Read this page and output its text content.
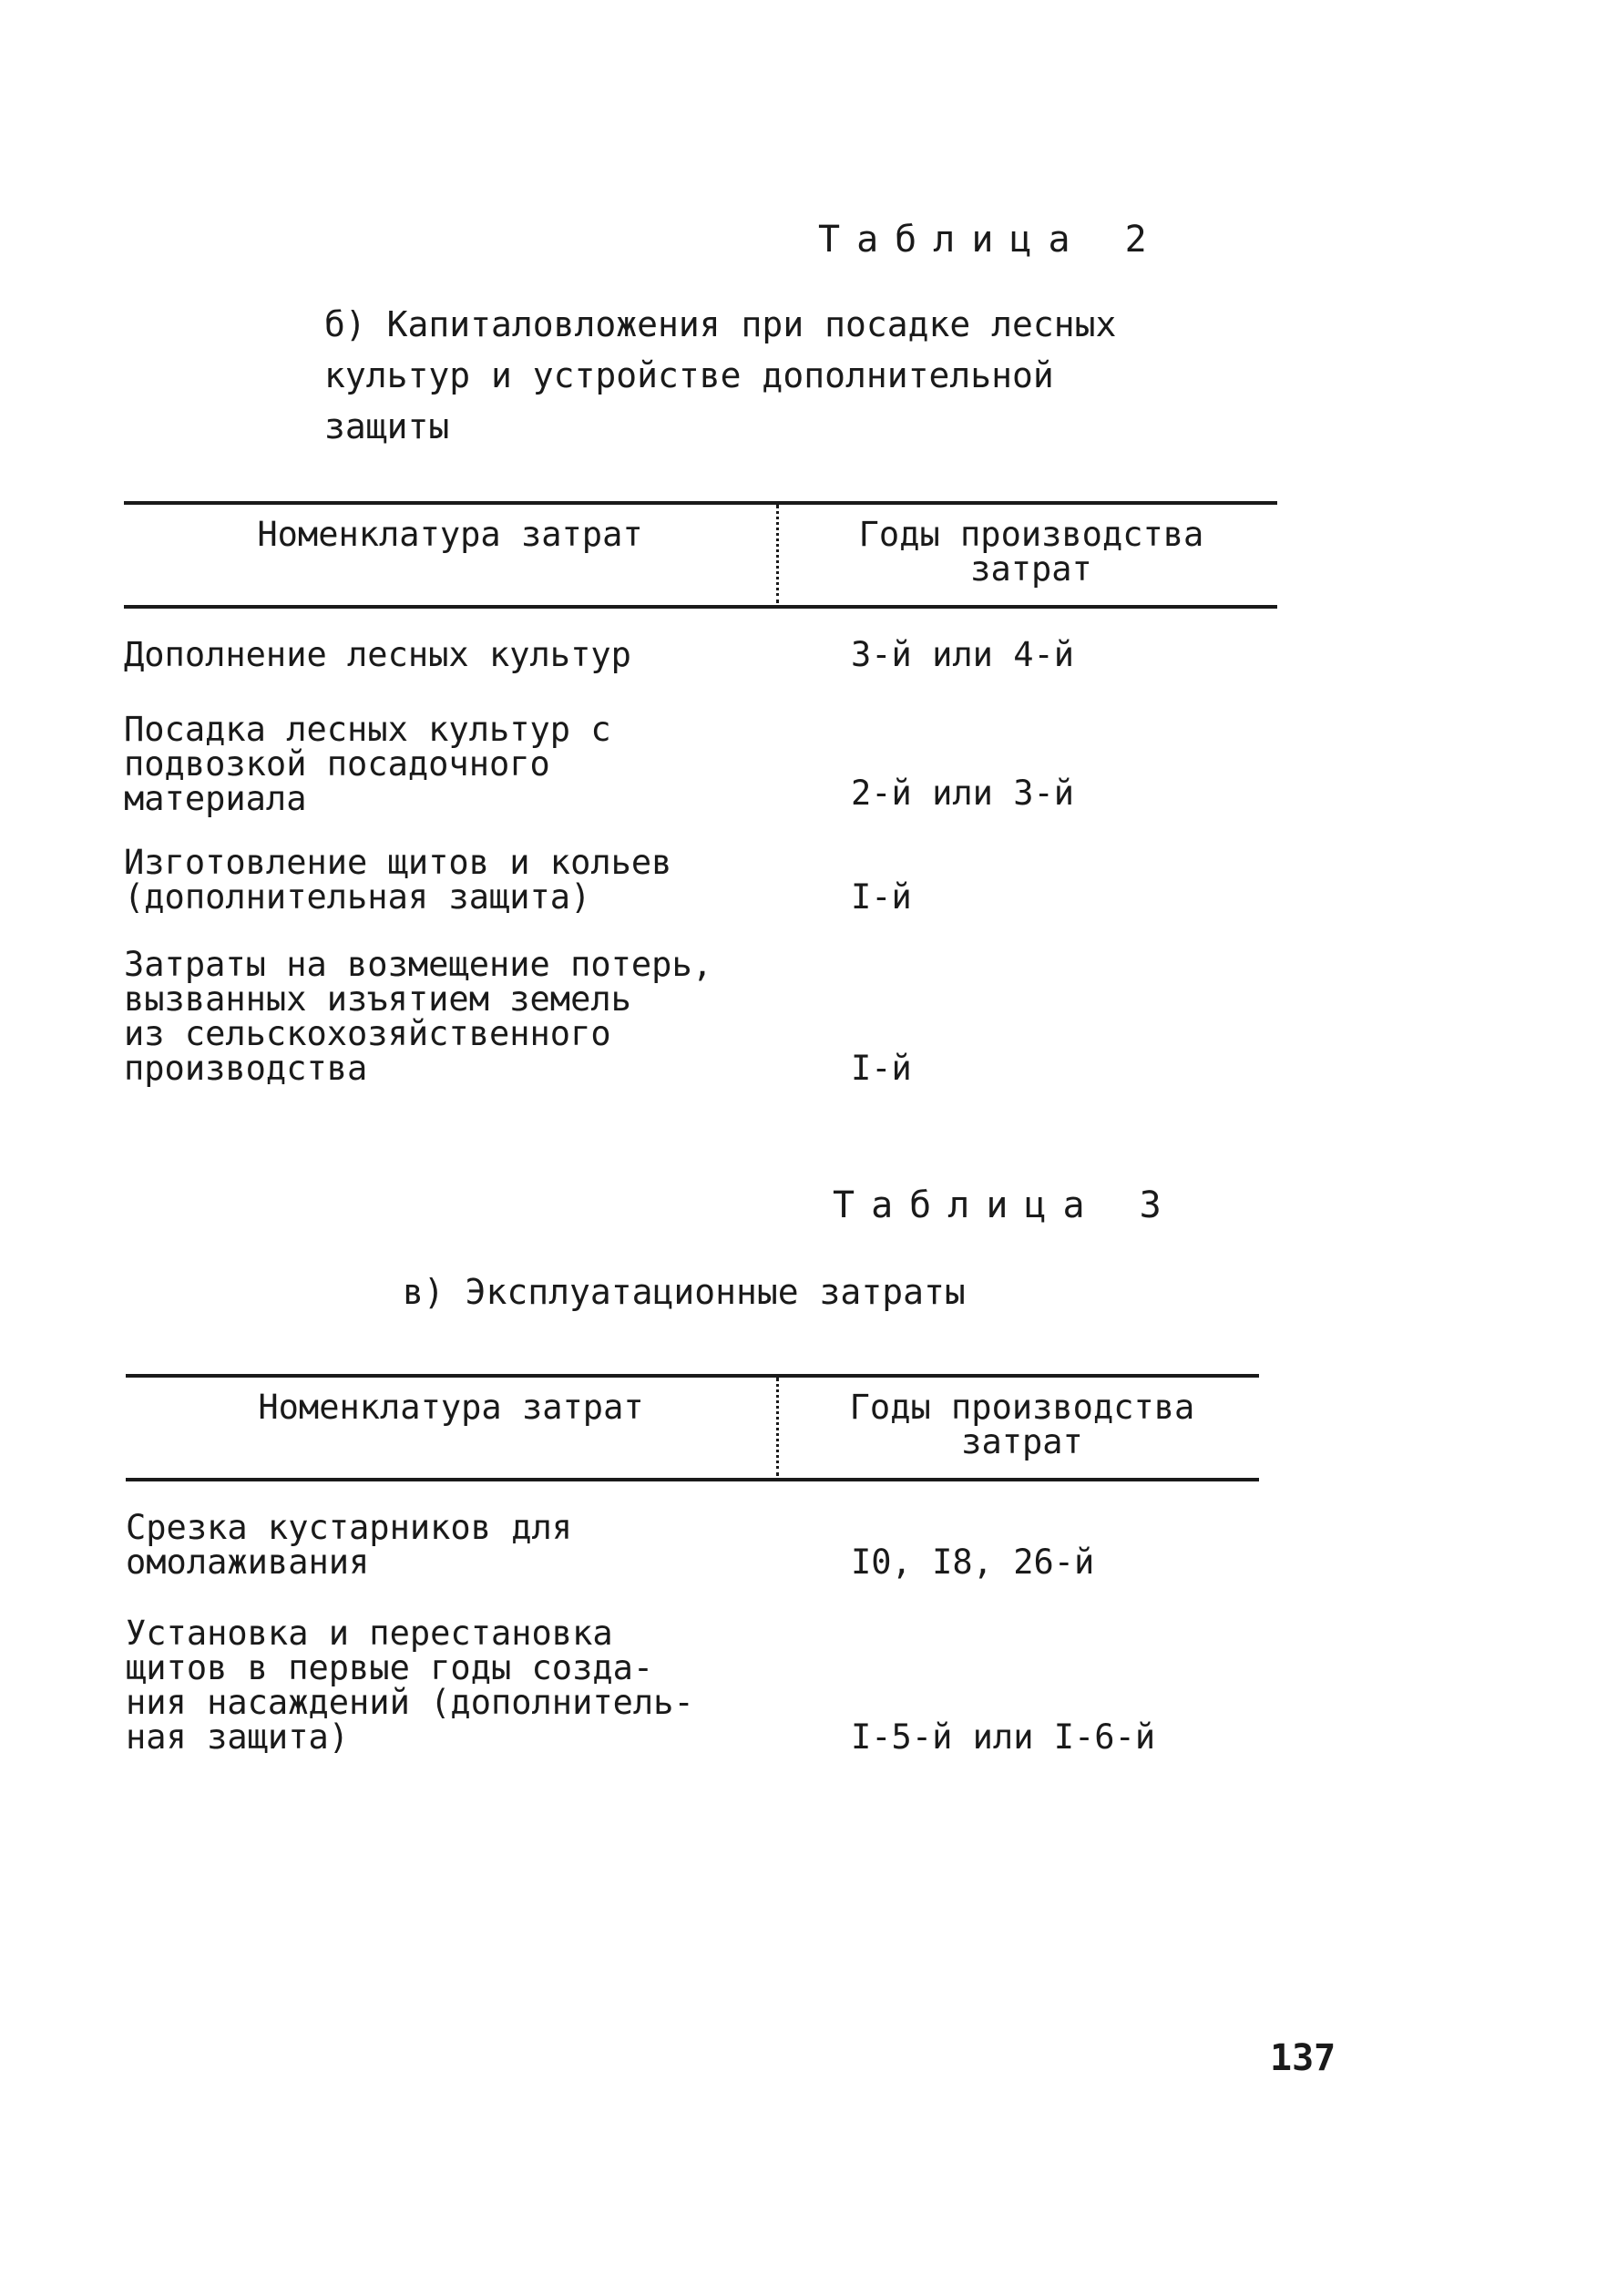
Таблица 2
б) Капиталовложения при посадке лесных
культур и устройстве дополнительной
защиты
Номенклатура затрат	Годы производства
затрат
Дополнение лесных культур	3-й или 4-й
Посадка лесных культур с
подвозкой посадочного
материала	2-й или 3-й
Изготовление щитов и кольев
(дополнительная защита)	I-й
Затраты на возмещение потерь,
вызванных изъятием земель
из сельскохозяйственного
производства	I-й
Таблица 3
в) Эксплуатационные затраты
Номенклатура затрат	Годы производства
затрат
Срезка кустарников для
омолаживания	I0, I8, 26-й
Установка и перестановка
щитов в первые годы созда-
ния насаждений (дополнитель-
ная защита)	I-5-й или I-6-й
137
